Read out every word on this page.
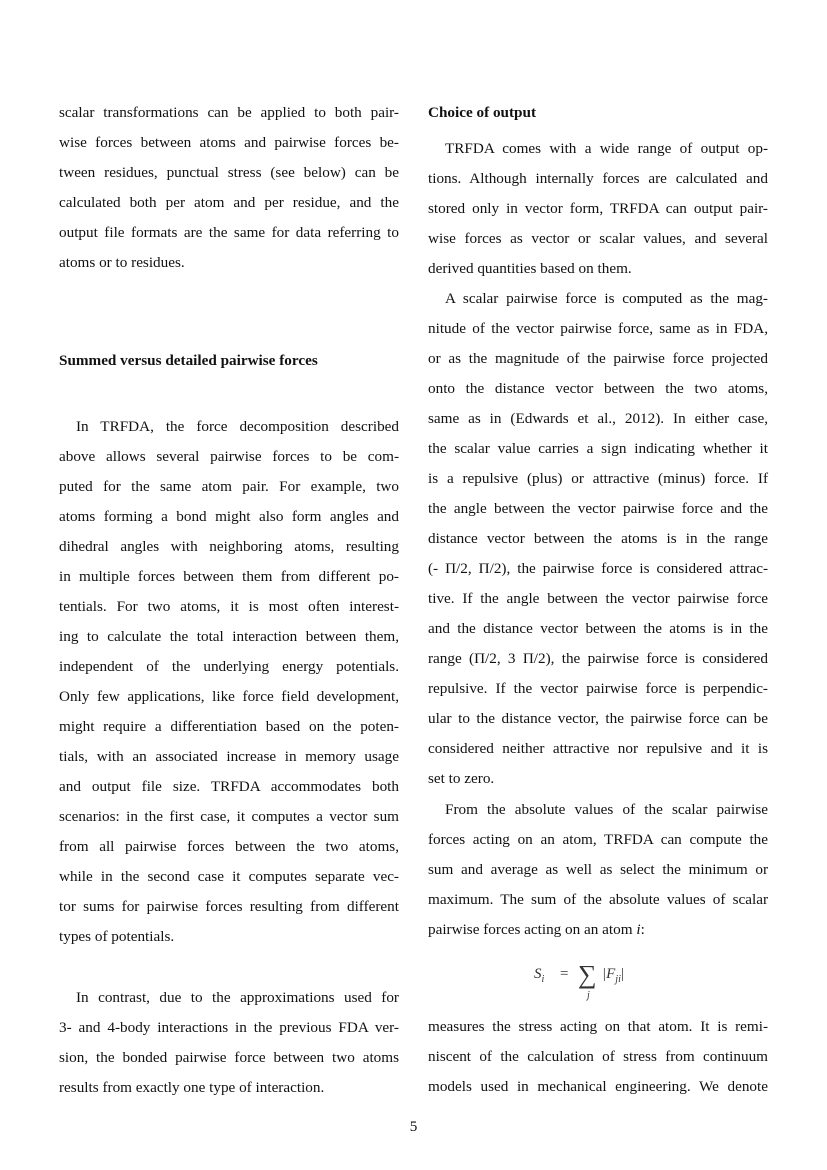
scalar transformations can be applied to both pair-
wise forces between atoms and pairwise forces be-
tween residues, punctual stress (see below) can be
calculated both per atom and per residue, and the
output file formats are the same for data referring to
atoms or to residues.
Summed versus detailed pairwise forces
In TRFDA, the force decomposition described
above allows several pairwise forces to be com-
puted for the same atom pair. For example, two
atoms forming a bond might also form angles and
dihedral angles with neighboring atoms, resulting
in multiple forces between them from different po-
tentials. For two atoms, it is most often interest-
ing to calculate the total interaction between them,
independent of the underlying energy potentials.
Only few applications, like force field development,
might require a differentiation based on the poten-
tials, with an associated increase in memory usage
and output file size. TRFDA accommodates both
scenarios: in the first case, it computes a vector sum
from all pairwise forces between the two atoms,
while in the second case it computes separate vec-
tor sums for pairwise forces resulting from different
types of potentials.
In contrast, due to the approximations used for
3- and 4-body interactions in the previous FDA ver-
sion, the bonded pairwise force between two atoms
results from exactly one type of interaction.
Choice of output
TRFDA comes with a wide range of output op-
tions. Although internally forces are calculated and
stored only in vector form, TRFDA can output pair-
wise forces as vector or scalar values, and several
derived quantities based on them.
A scalar pairwise force is computed as the mag-
nitude of the vector pairwise force, same as in FDA,
or as the magnitude of the pairwise force projected
onto the distance vector between the two atoms,
same as in (Edwards et al., 2012). In either case,
the scalar value carries a sign indicating whether it
is a repulsive (plus) or attractive (minus) force. If
the angle between the vector pairwise force and the
distance vector between the atoms is in the range
(- Π/2, Π/2), the pairwise force is considered attrac-
tive. If the angle between the vector pairwise force
and the distance vector between the atoms is in the
range (Π/2, 3 Π/2), the pairwise force is considered
repulsive. If the vector pairwise force is perpendic-
ular to the distance vector, the pairwise force can be
considered neither attractive nor repulsive and it is
set to zero.
From the absolute values of the scalar pairwise
forces acting on an atom, TRFDA can compute the
sum and average as well as select the minimum or
maximum. The sum of the absolute values of scalar
pairwise forces acting on an atom i:
$S_i$ = ∑
j
$|F_{ji}|$
measures the stress acting on that atom. It is remi-
niscent of the calculation of stress from continuum
models used in mechanical engineering. We denote
5
